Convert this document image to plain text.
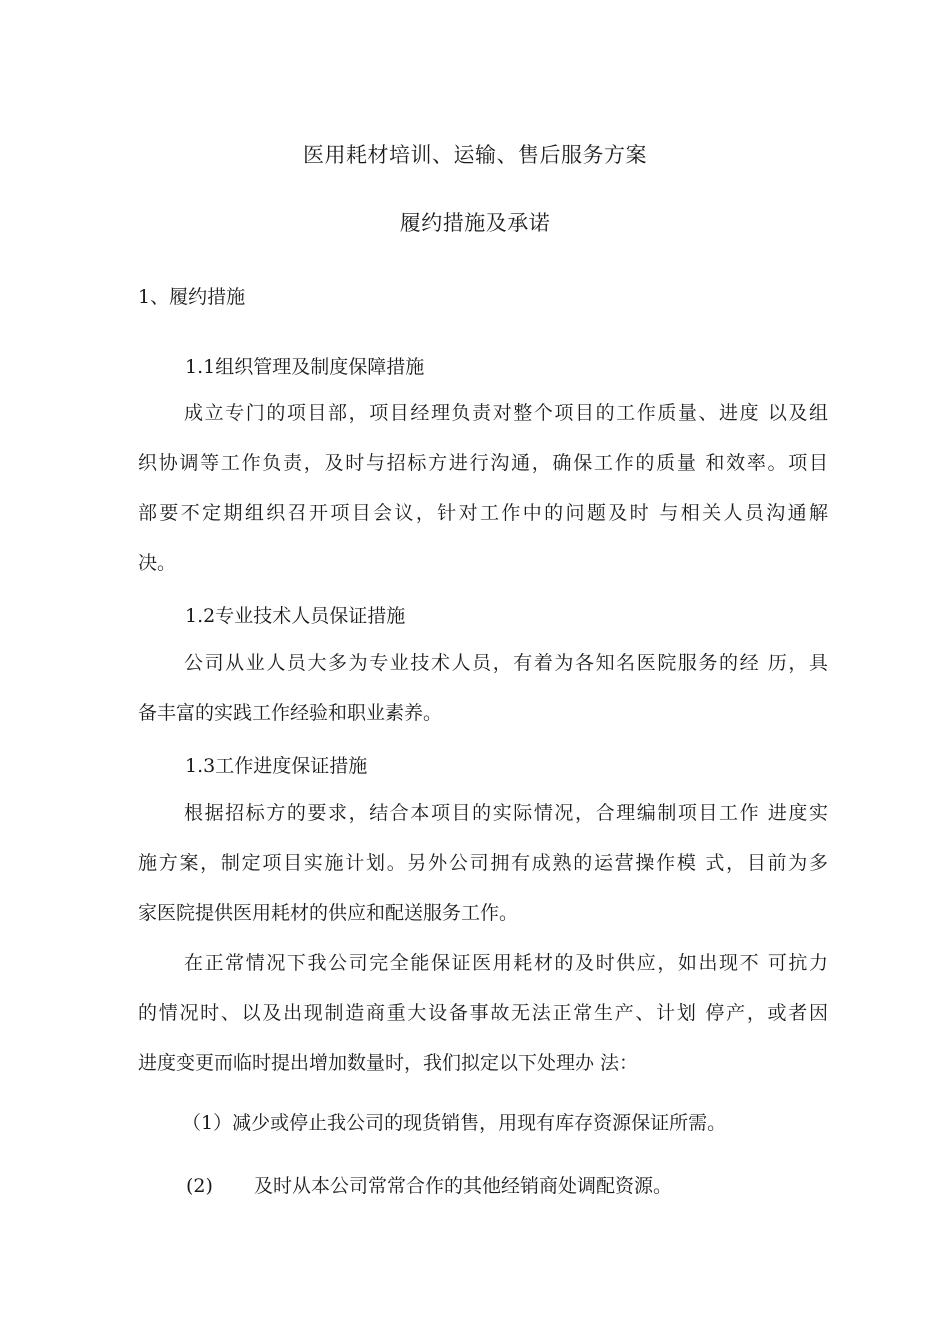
医用耗材培训、运输、售后服务方案
履约措施及承诺
1、履约措施
1.1组织管理及制度保障措施
成立专门的项目部，项目经理负责对整个项目的工作质量、进度 以及组
织协调等工作负责，及时与招标方进行沟通，确保工作的质量 和效率。项目
部要不定期组织召开项目会议，针对工作中的问题及时 与相关人员沟通解
决。
1.2专业技术人员保证措施
公司从业人员大多为专业技术人员，有着为各知名医院服务的经 历，具
备丰富的实践工作经验和职业素养。
1.3工作进度保证措施
根据招标方的要求，结合本项目的实际情况，合理编制项目工作 进度实
施方案，制定项目实施计划。另外公司拥有成熟的运营操作模 式，目前为多
家医院提供医用耗材的供应和配送服务工作。
在正常情况下我公司完全能保证医用耗材的及时供应，如出现不 可抗力
的情况时、以及出现制造商重大设备事故无法正常生产、计划 停产，或者因
进度变更而临时提出增加数量时，我们拟定以下处理办 法：
（1）减少或停止我公司的现货销售，用现有库存资源保证所需。
(2) 及时从本公司常常合作的其他经销商处调配资源。
